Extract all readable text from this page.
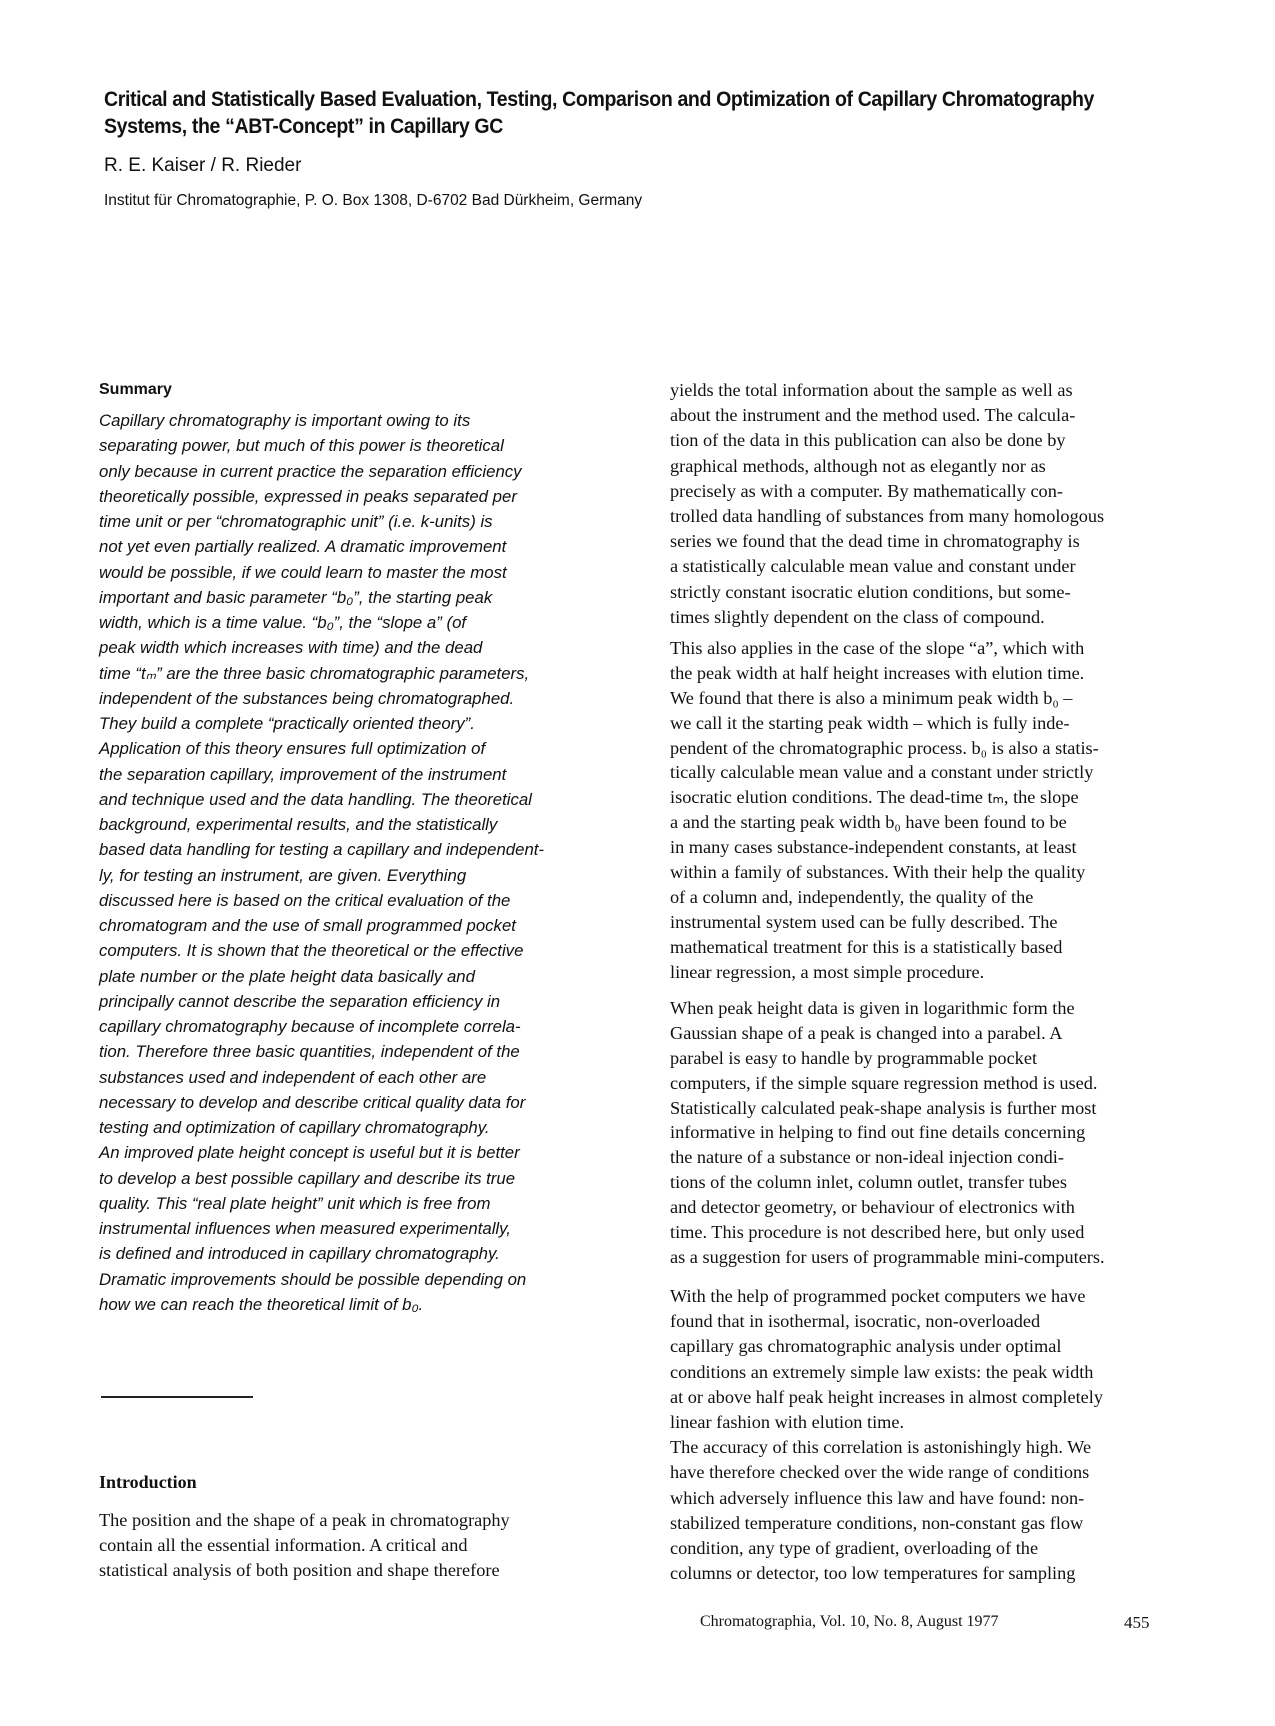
Critical and Statistically Based Evaluation, Testing, Comparison and Optimization of Capillary Chromatography
Systems, the “ABT-Concept” in Capillary GC
R. E. Kaiser / R. Rieder
Institut für Chromatographie, P. O. Box 1308, D-6702 Bad Dürkheim, Germany
Summary
Capillary chromatography is important owing to its
separating power, but much of this power is theoretical
only because in current practice the separation efficiency
theoretically possible, expressed in peaks separated per
time unit or per “chromatographic unit” (i.e. k-units) is
not yet even partially realized. A dramatic improvement
would be possible, if we could learn to master the most
important and basic parameter “b₀”, the starting peak
width, which is a time value. “b₀”, the “slope a” (of
peak width which increases with time) and the dead
time “tₘ” are the three basic chromatographic parameters,
independent of the substances being chromatographed.
They build a complete “practically oriented theory”.
Application of this theory ensures full optimization of
the separation capillary, improvement of the instrument
and technique used and the data handling. The theoretical
background, experimental results, and the statistically
based data handling for testing a capillary and independent-
ly, for testing an instrument, are given. Everything
discussed here is based on the critical evaluation of the
chromatogram and the use of small programmed pocket
computers. It is shown that the theoretical or the effective
plate number or the plate height data basically and
principally cannot describe the separation efficiency in
capillary chromatography because of incomplete correla-
tion. Therefore three basic quantities, independent of the
substances used and independent of each other are
necessary to develop and describe critical quality data for
testing and optimization of capillary chromatography.
An improved plate height concept is useful but it is better
to develop a best possible capillary and describe its true
quality. This “real plate height” unit which is free from
instrumental influences when measured experimentally,
is defined and introduced in capillary chromatography.
Dramatic improvements should be possible depending on
how we can reach the theoretical limit of b₀.
Introduction
The position and the shape of a peak in chromatography
contain all the essential information. A critical and
statistical analysis of both position and shape therefore
yields the total information about the sample as well as
about the instrument and the method used. The calcula-
tion of the data in this publication can also be done by
graphical methods, although not as elegantly nor as
precisely as with a computer. By mathematically con-
trolled data handling of substances from many homologous
series we found that the dead time in chromatography is
a statistically calculable mean value and constant under
strictly constant isocratic elution conditions, but some-
times slightly dependent on the class of compound.
This also applies in the case of the slope “a”, which with
the peak width at half height increases with elution time.
We found that there is also a minimum peak width b₀ –
we call it the starting peak width – which is fully inde-
pendent of the chromatographic process. b₀ is also a statis-
tically calculable mean value and a constant under strictly
isocratic elution conditions. The dead-time tₘ, the slope
a and the starting peak width b₀ have been found to be
in many cases substance-independent constants, at least
within a family of substances. With their help the quality
of a column and, independently, the quality of the
instrumental system used can be fully described. The
mathematical treatment for this is a statistically based
linear regression, a most simple procedure.
When peak height data is given in logarithmic form the
Gaussian shape of a peak is changed into a parabel. A
parabel is easy to handle by programmable pocket
computers, if the simple square regression method is used.
Statistically calculated peak-shape analysis is further most
informative in helping to find out fine details concerning
the nature of a substance or non-ideal injection condi-
tions of the column inlet, column outlet, transfer tubes
and detector geometry, or behaviour of electronics with
time. This procedure is not described here, but only used
as a suggestion for users of programmable mini-computers.
With the help of programmed pocket computers we have
found that in isothermal, isocratic, non-overloaded
capillary gas chromatographic analysis under optimal
conditions an extremely simple law exists: the peak width
at or above half peak height increases in almost completely
linear fashion with elution time.
The accuracy of this correlation is astonishingly high. We
have therefore checked over the wide range of conditions
which adversely influence this law and have found: non-
stabilized temperature conditions, non-constant gas flow
condition, any type of gradient, overloading of the
columns or detector, too low temperatures for sampling
Chromatographia, Vol. 10, No. 8, August 1977	455
